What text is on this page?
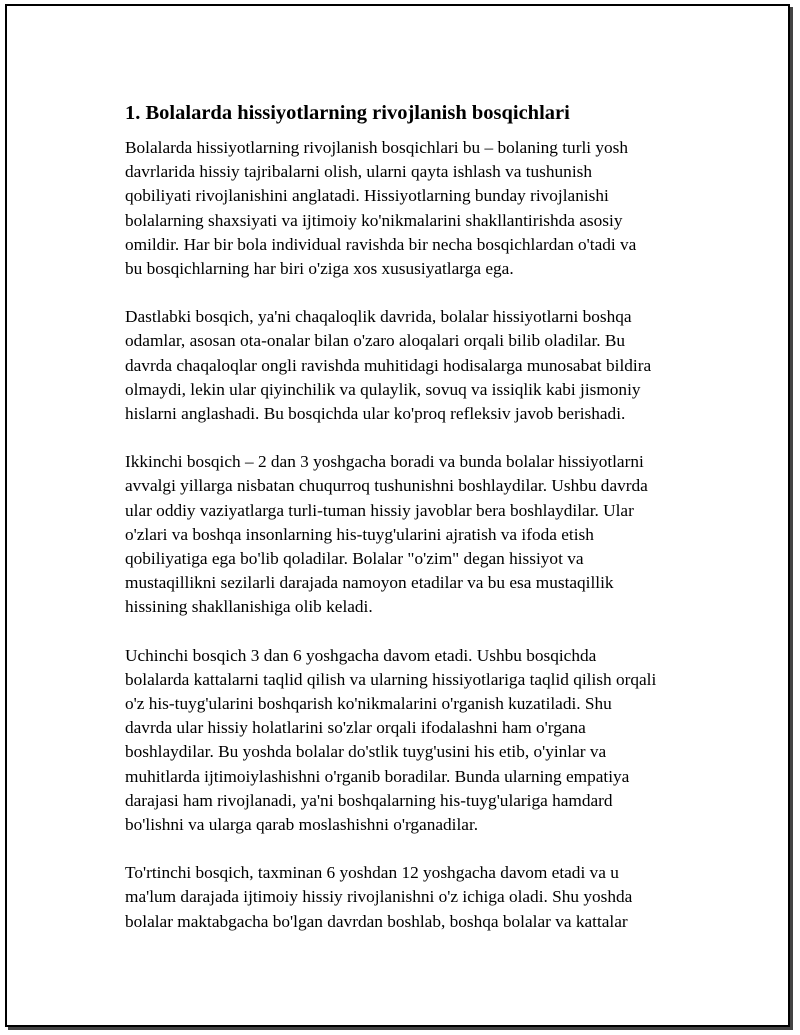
1. Bolalarda hissiyotlarning rivojlanish bosqichlari
Bolalarda hissiyotlarning rivojlanish bosqichlari bu – bolaning turli yosh
davrlarida hissiy tajribalarni olish, ularni qayta ishlash va tushunish
qobiliyati rivojlanishini anglatadi. Hissiyotlarning bunday rivojlanishi
bolalarning shaxsiyati va ijtimoiy ko'nikmalarini shakllantirishda asosiy
omildir. Har bir bola individual ravishda bir necha bosqichlardan o'tadi va
bu bosqichlarning har biri o'ziga xos xususiyatlarga ega.
Dastlabki bosqich, ya'ni chaqaloqlik davrida, bolalar hissiyotlarni boshqa
odamlar, asosan ota-onalar bilan o'zaro aloqalari orqali bilib oladilar. Bu
davrda chaqaloqlar ongli ravishda muhitidagi hodisalarga munosabat bildira
olmaydi, lekin ular qiyinchilik va qulaylik, sovuq va issiqlik kabi jismoniy
hislarni anglashadi. Bu bosqichda ular ko'proq refleksiv javob berishadi.
Ikkinchi bosqich – 2 dan 3 yoshgacha boradi va bunda bolalar hissiyotlarni
avvalgi yillarga nisbatan chuqurroq tushunishni boshlaydilar. Ushbu davrda
ular oddiy vaziyatlarga turli-tuman hissiy javoblar bera boshlaydilar. Ular
o'zlari va boshqa insonlarning his-tuyg'ularini ajratish va ifoda etish
qobiliyatiga ega bo'lib qoladilar. Bolalar "o'zim" degan hissiyot va
mustaqillikni sezilarli darajada namoyon etadilar va bu esa mustaqillik
hissining shakllanishiga olib keladi.
Uchinchi bosqich 3 dan 6 yoshgacha davom etadi. Ushbu bosqichda
bolalarda kattalarni taqlid qilish va ularning hissiyotlariga taqlid qilish orqali
o'z his-tuyg'ularini boshqarish ko'nikmalarini o'rganish kuzatiladi. Shu
davrda ular hissiy holatlarini so'zlar orqali ifodalashni ham o'rgana
boshlaydilar. Bu yoshda bolalar do'stlik tuyg'usini his etib, o'yinlar va
muhitlarda ijtimoiylashishni o'rganib boradilar. Bunda ularning empatiya
darajasi ham rivojlanadi, ya'ni boshqalarning his-tuyg'ulariga hamdard
bo'lishni va ularga qarab moslashishni o'rganadilar.
To'rtinchi bosqich, taxminan 6 yoshdan 12 yoshgacha davom etadi va u
ma'lum darajada ijtimoiy hissiy rivojlanishni o'z ichiga oladi. Shu yoshda
bolalar maktabgacha bo'lgan davrdan boshlab, boshqa bolalar va kattalar
